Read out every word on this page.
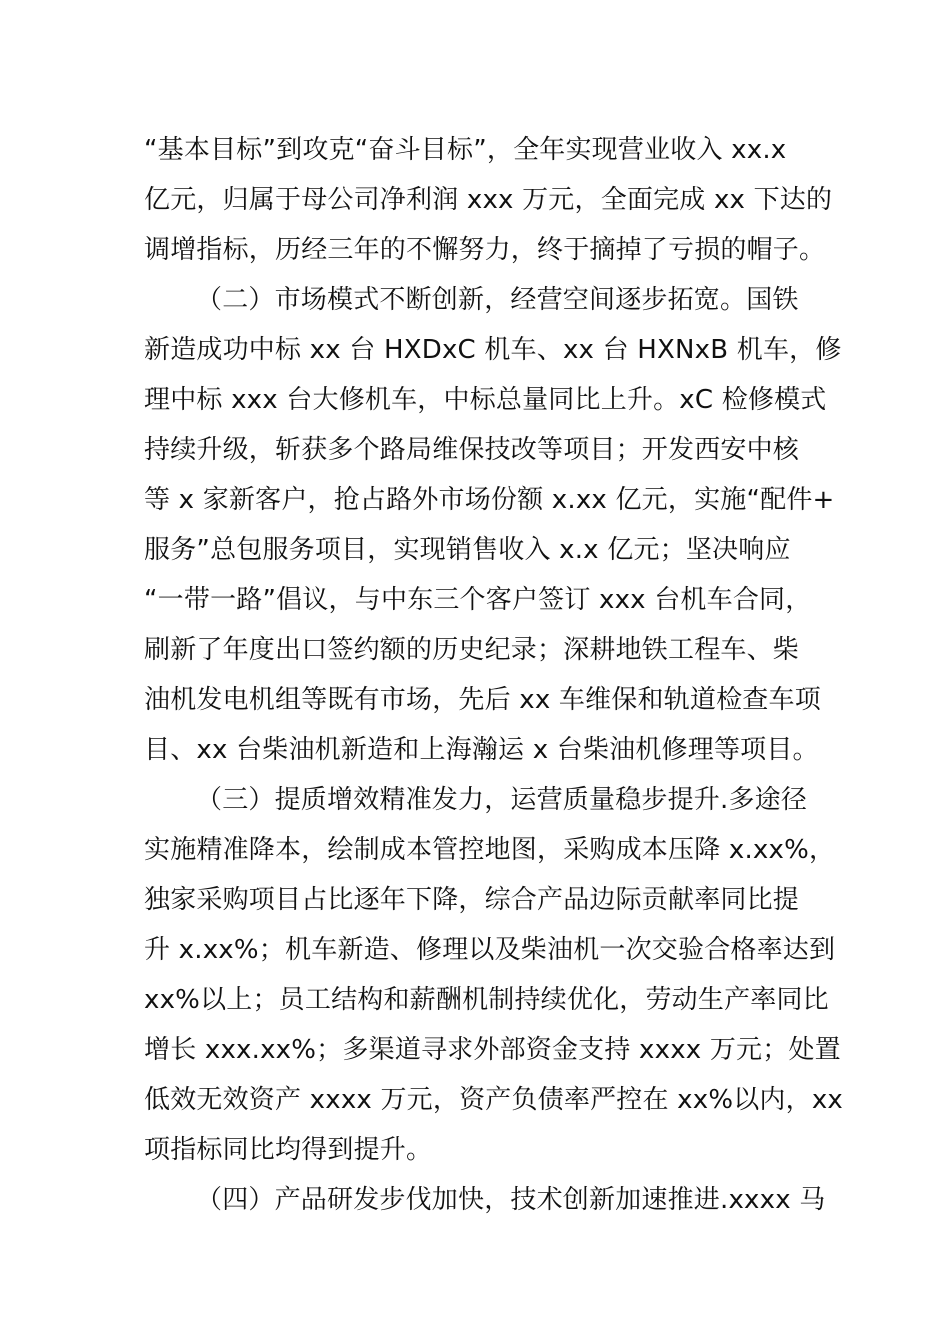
“基本目标”到攻克“奋斗目标”，全年实现营业收入 xx.x
亿元，归属于母公司净利润 xxx 万元，全面完成 xx 下达的
调增指标，历经三年的不懈努力，终于摘掉了亏损的帽子。
（二）市场模式不断创新，经营空间逐步拓宽。国铁
新造成功中标 xx 台 HXDxC 机车、xx 台 HXNxB 机车，修
理中标 xxx 台大修机车，中标总量同比上升。xC 检修模式
持续升级，斩获多个路局维保技改等项目；开发西安中核
等 x 家新客户，抢占路外市场份额 x.xx 亿元，实施“配件+
服务”总包服务项目，实现销售收入 x.x 亿元；坚决响应
“一带一路”倡议，与中东三个客户签订 xxx 台机车合同，
刷新了年度出口签约额的历史纪录；深耕地铁工程车、柴
油机发电机组等既有市场，先后 xx 车维保和轨道检查车项
目、xx 台柴油机新造和上海瀚运 x 台柴油机修理等项目。
（三）提质增效精准发力，运营质量稳步提升.多途径
实施精准降本，绘制成本管控地图，采购成本压降 x.xx%，
独家采购项目占比逐年下降，综合产品边际贡献率同比提
升 x.xx%；机车新造、修理以及柴油机一次交验合格率达到
xx%以上；员工结构和薪酬机制持续优化，劳动生产率同比
增长 xxx.xx%；多渠道寻求外部资金支持 xxxx 万元；处置
低效无效资产 xxxx 万元，资产负债率严控在 xx%以内，xx
项指标同比均得到提升。
（四）产品研发步伐加快，技术创新加速推进.xxxx 马
